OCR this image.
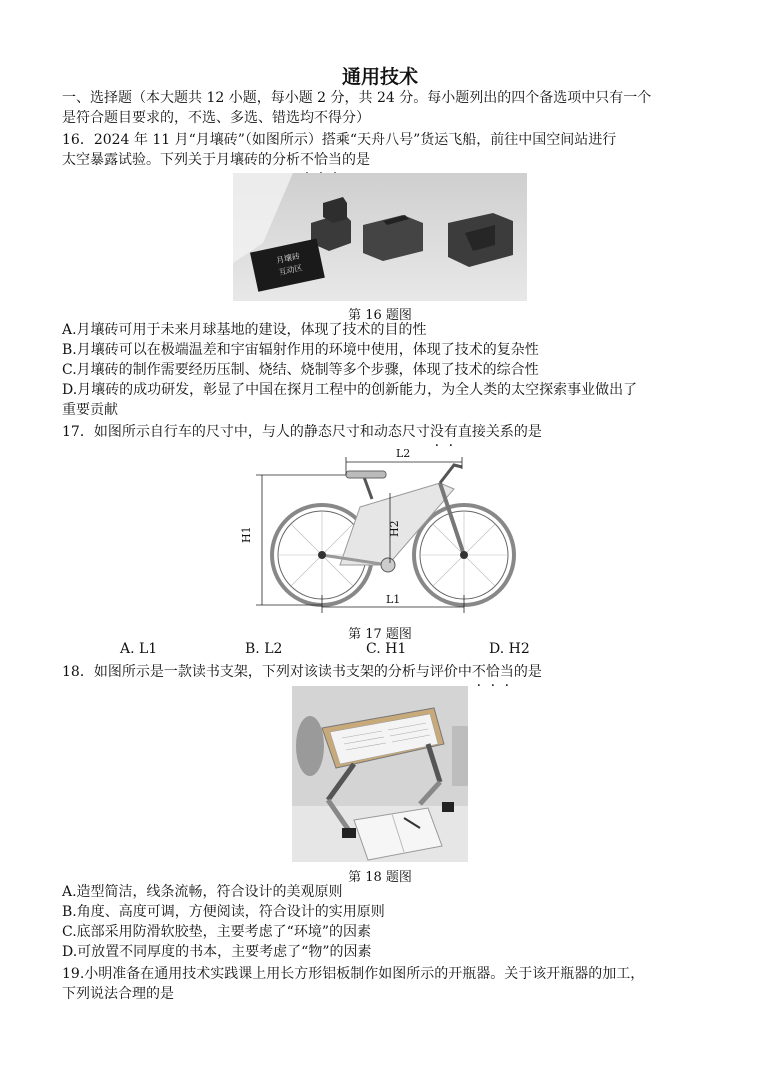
通用技术
一、选择题（本大题共 12 小题，每小题 2 分，共 24 分。每小题列出的四个备选项中只有一个
是符合题目要求的，不选、多选、错选均不得分）
16．2024 年 11 月“月壤砖”（如图所示）搭乘“天舟八号”货运飞船，前往中国空间站进行
太空暴露试验。下列关于月壤砖的分析不恰当的是
月壤砖
互动区
第 16 题图
A.月壤砖可用于未来月球基地的建设，体现了技术的目的性
B.月壤砖可以在极端温差和宇宙辐射作用的环境中使用，体现了技术的复杂性
C.月壤砖的制作需要经历压制、烧结、烧制等多个步骤，体现了技术的综合性
D.月壤砖的成功研发，彰显了中国在探月工程中的创新能力，为全人类的太空探索事业做出了
重要贡献
17．如图所示自行车的尺寸中，与人的静态尺寸和动态尺寸没有直接关系的是
L2
H1	H2
L1
第 17 题图
A. L1	B. L2	C. H1	D. H2
18．如图所示是一款读书支架，下列对该读书支架的分析与评价中不恰当的是
第 18 题图
A.造型简洁，线条流畅，符合设计的美观原则
B.角度、高度可调，方便阅读，符合设计的实用原则
C.底部采用防滑软胶垫，主要考虑了“环境”的因素
D.可放置不同厚度的书本，主要考虑了“物”的因素
19.小明准备在通用技术实践课上用长方形铝板制作如图所示的开瓶器。关于该开瓶器的加工，
下列说法合理的是
